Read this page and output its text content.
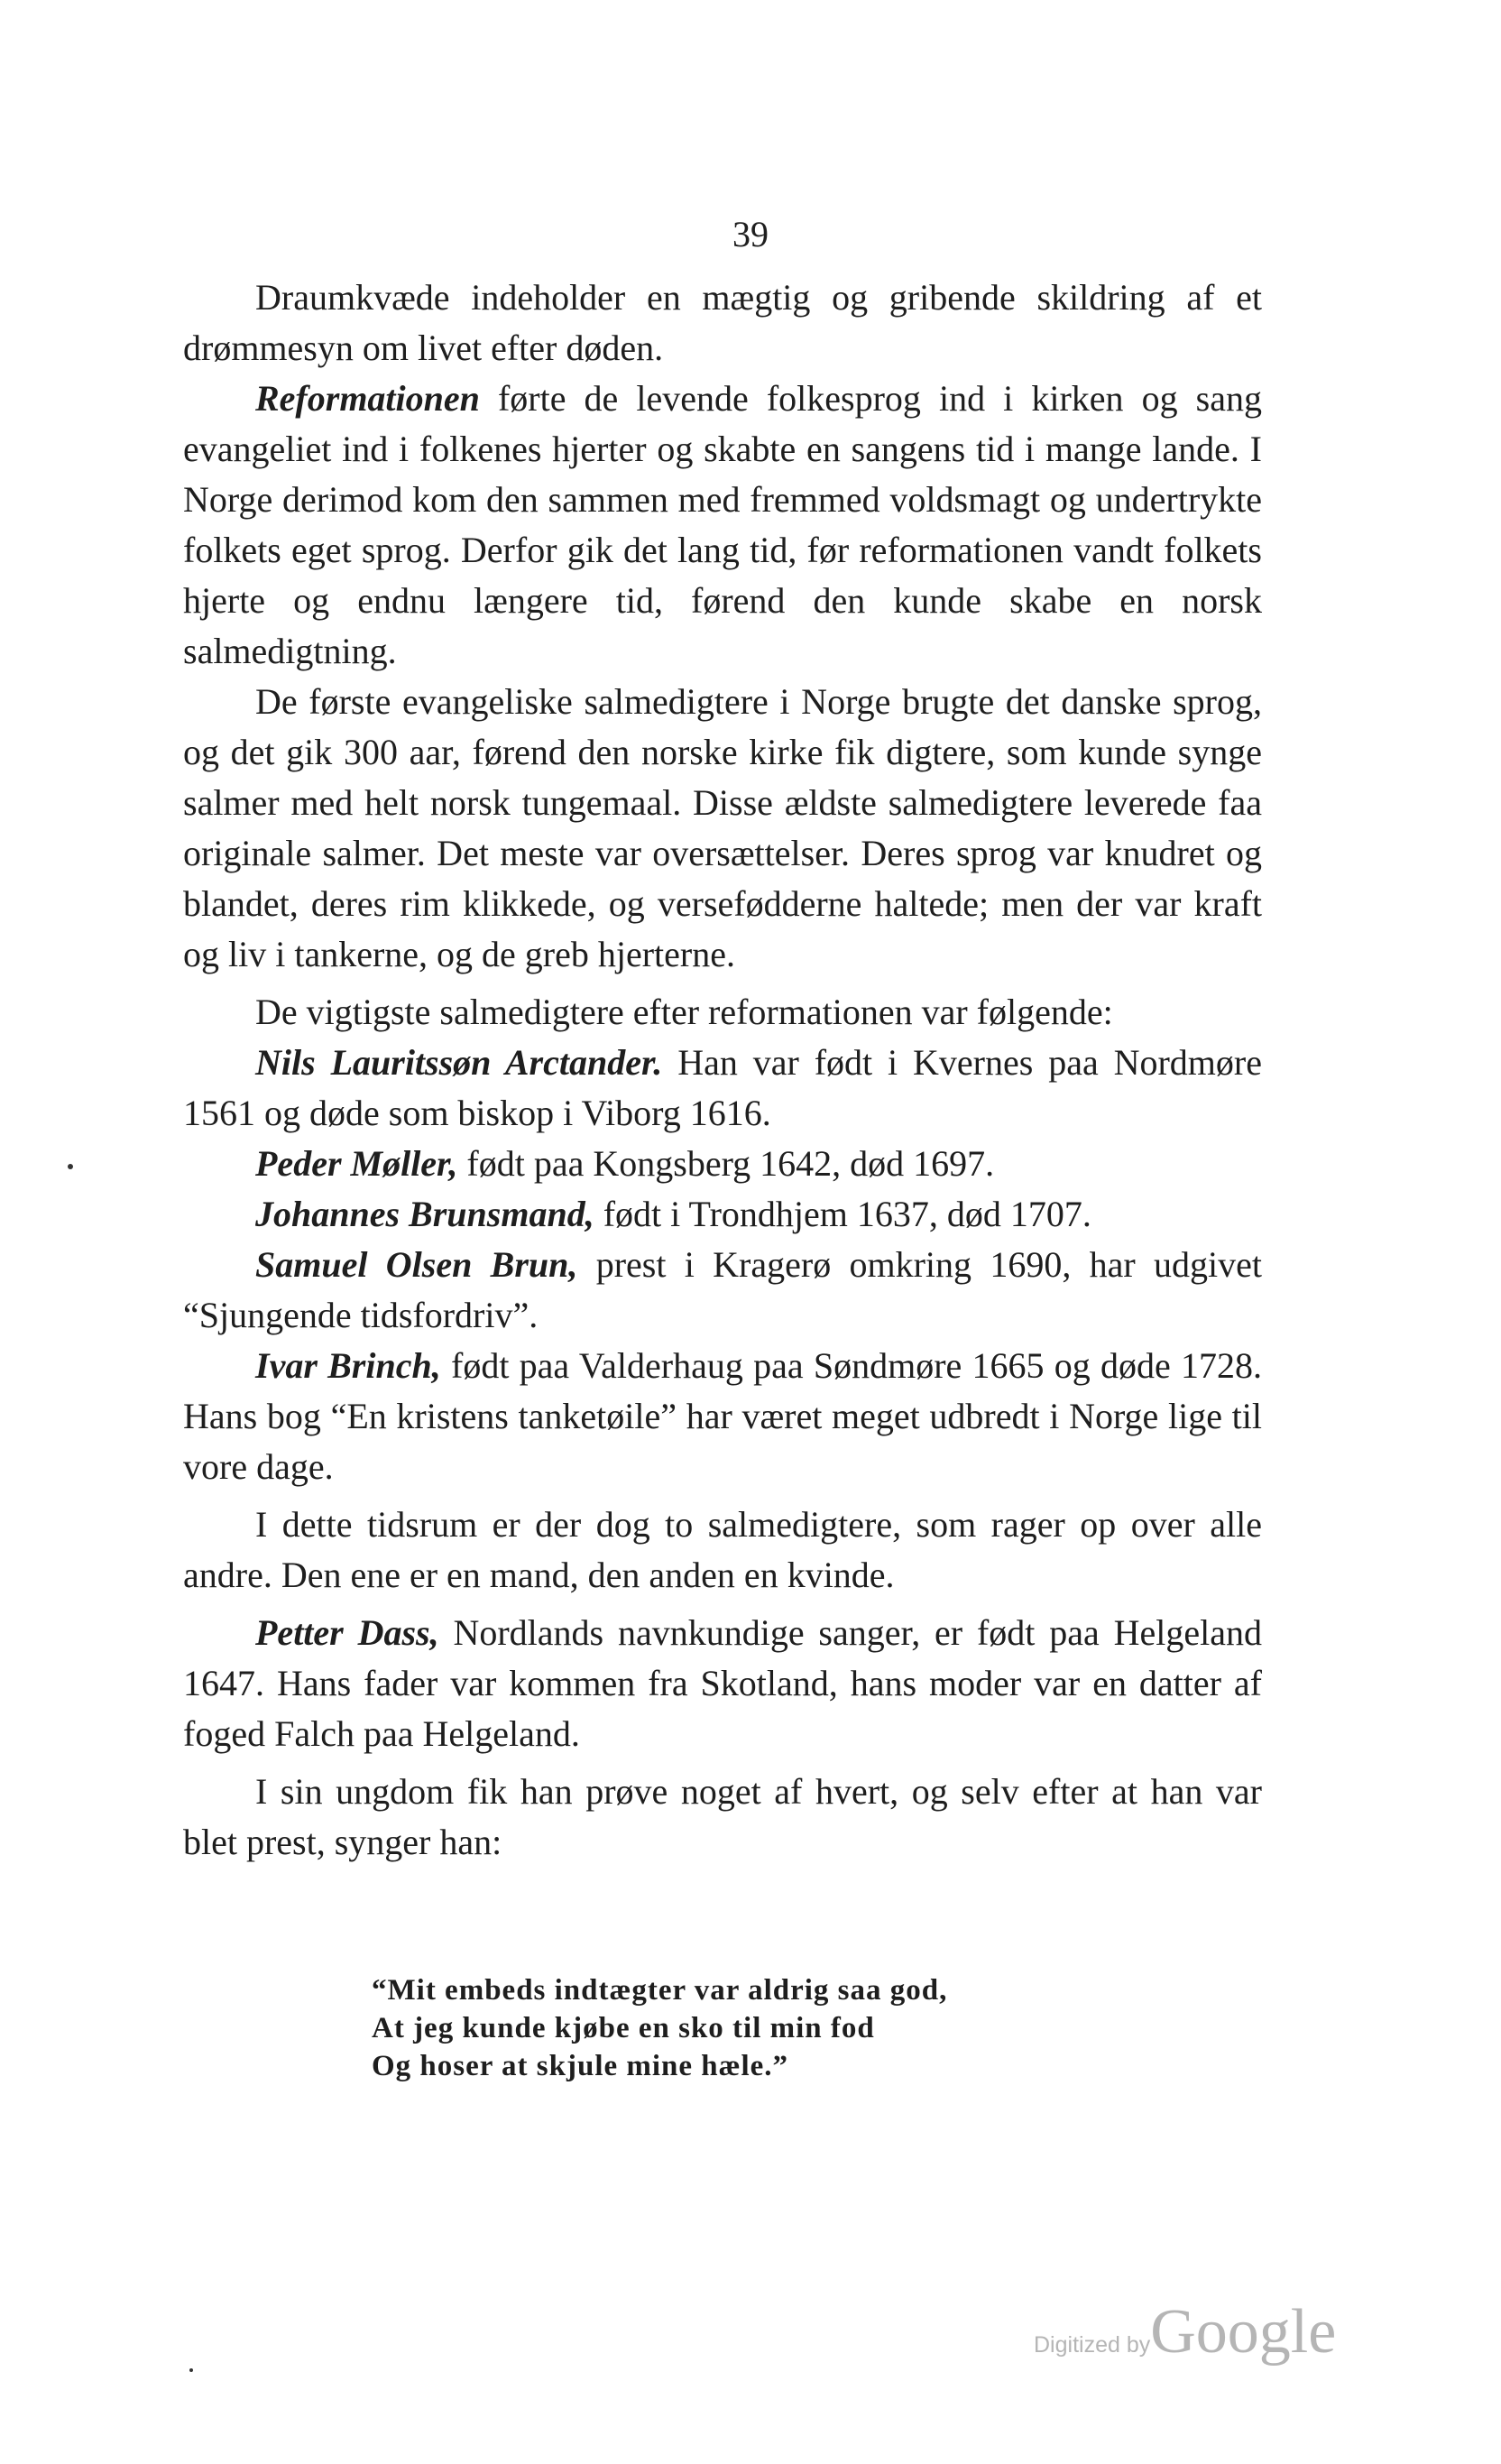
39

Draumkvæde indeholder en mægtig og gribende skildring af et drømmesyn om livet efter døden.

Reformationen førte de levende folkesprog ind i kirken og sang evangeliet ind i folkenes hjerter og skabte en sangens tid i mange lande. I Norge derimod kom den sammen med fremmed voldsmagt og undertrykte folkets eget sprog. Derfor gik det lang tid, før reformationen vandt folkets hjerte og endnu længere tid, førend den kunde skabe en norsk salmedigtning.

De første evangeliske salmedigtere i Norge brugte det danske sprog, og det gik 300 aar, førend den norske kirke fik digtere, som kunde synge salmer med helt norsk tungemaal. Disse ældste salmedigtere leverede faa originale salmer. Det meste var oversættelser. Deres sprog var knudret og blandet, deres rim klikkede, og versefødderne haltede; men der var kraft og liv i tankerne, og de greb hjerterne.

De vigtigste salmedigtere efter reformationen var følgende:

Nils Lauritssøn Arctander. Han var født i Kvernes paa Nordmøre 1561 og døde som biskop i Viborg 1616.

Peder Møller, født paa Kongsberg 1642, død 1697.

Johannes Brunsmand, født i Trondhjem 1637, død 1707.

Samuel Olsen Brun, prest i Kragerø omkring 1690, har udgivet “Sjungende tidsfordriv”.

Ivar Brinch, født paa Valderhaug paa Søndmøre 1665 og døde 1728. Hans bog “En kristens tanketøile” har været meget udbredt i Norge lige til vore dage.

I dette tidsrum er der dog to salmedigtere, som rager op over alle andre. Den ene er en mand, den anden en kvinde.

Petter Dass, Nordlands navnkundige sanger, er født paa Helgeland 1647. Hans fader var kommen fra Skotland, hans moder var en datter af foged Falch paa Helgeland.

I sin ungdom fik han prøve noget af hvert, og selv efter at han var blet prest, synger han:

“Mit embeds indtægter var aldrig saa god,
At jeg kunde kjøbe en sko til min fod
Og hoser at skjule mine hæle.”
Digitized byGoogle
